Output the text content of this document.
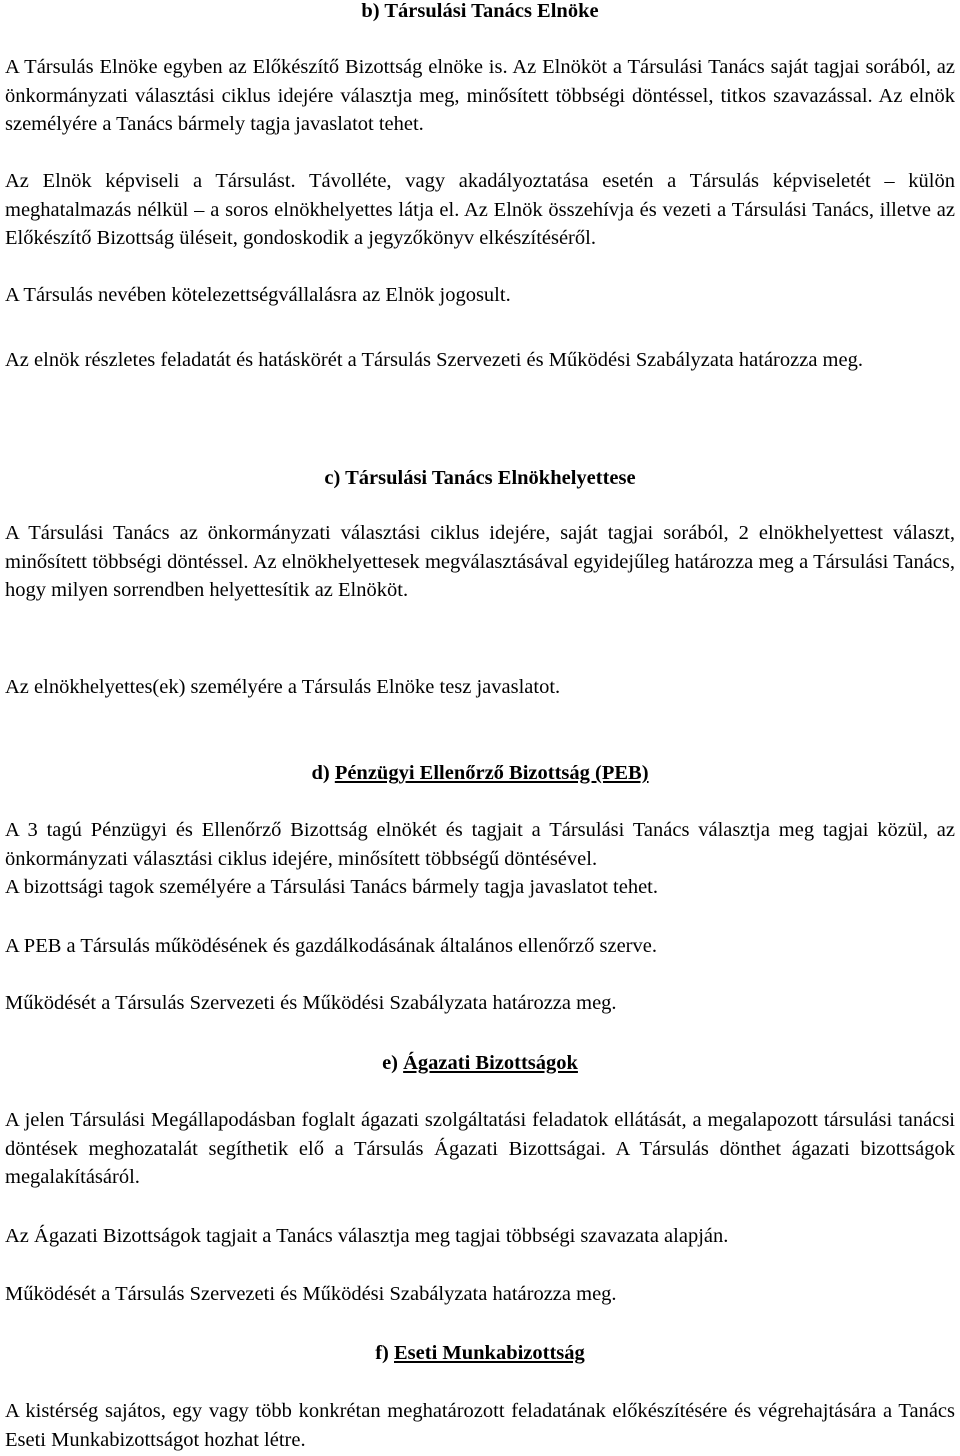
b) Társulási Tanács Elnöke

A Társulás Elnöke egyben az Előkészítő Bizottság elnöke is. Az Elnököt a Társulási Tanács saját tagjai sorából, az önkormányzati választási ciklus idejére választja meg, minősített többségi döntéssel, titkos szavazással. Az elnök személyére a Tanács bármely tagja javaslatot tehet.

Az Elnök képviseli a Társulást. Távolléte, vagy akadályoztatása esetén a Társulás képviseletét – külön meghatalmazás nélkül – a soros elnökhelyettes látja el. Az Elnök összehívja és vezeti a Társulási Tanács, illetve az Előkészítő Bizottság üléseit, gondoskodik a jegyzőkönyv elkészítéséről.

A Társulás nevében kötelezettségvállalásra az Elnök jogosult.

Az elnök részletes feladatát és hatáskörét a Társulás Szervezeti és Működési Szabályzata határozza meg.

c) Társulási Tanács Elnökhelyettese

A Társulási Tanács az önkormányzati választási ciklus idejére, saját tagjai sorából, 2 elnökhelyettest választ, minősített többségi döntéssel. Az elnökhelyettesek megválasztásával egyidejűleg határozza meg a Társulási Tanács, hogy milyen sorrendben helyettesítik az Elnököt.

Az elnökhelyettes(ek) személyére a Társulás Elnöke tesz javaslatot.

d) Pénzügyi Ellenőrző Bizottság (PEB)

A 3 tagú Pénzügyi és Ellenőrző Bizottság elnökét és tagjait a Társulási Tanács választja meg tagjai közül, az önkormányzati választási ciklus idejére, minősített többségű döntésével.

A bizottsági tagok személyére a Társulási Tanács bármely tagja javaslatot tehet.

A PEB a Társulás működésének és gazdálkodásának általános ellenőrző szerve.

Működését a Társulás Szervezeti és Működési Szabályzata határozza meg.

e) Ágazati Bizottságok

A jelen Társulási Megállapodásban foglalt ágazati szolgáltatási feladatok ellátását, a megalapozott társulási tanácsi döntések meghozatalát segíthetik elő a Társulás Ágazati Bizottságai. A Társulás dönthet ágazati bizottságok megalakításáról.

Az Ágazati Bizottságok tagjait a Tanács választja meg tagjai többségi szavazata alapján.

Működését a Társulás Szervezeti és Működési Szabályzata határozza meg.

f) Eseti Munkabizottság

A kistérség sajátos, egy vagy több konkrétan meghatározott feladatának előkészítésére és végrehajtására a Tanács Eseti Munkabizottságot hozhat létre.
